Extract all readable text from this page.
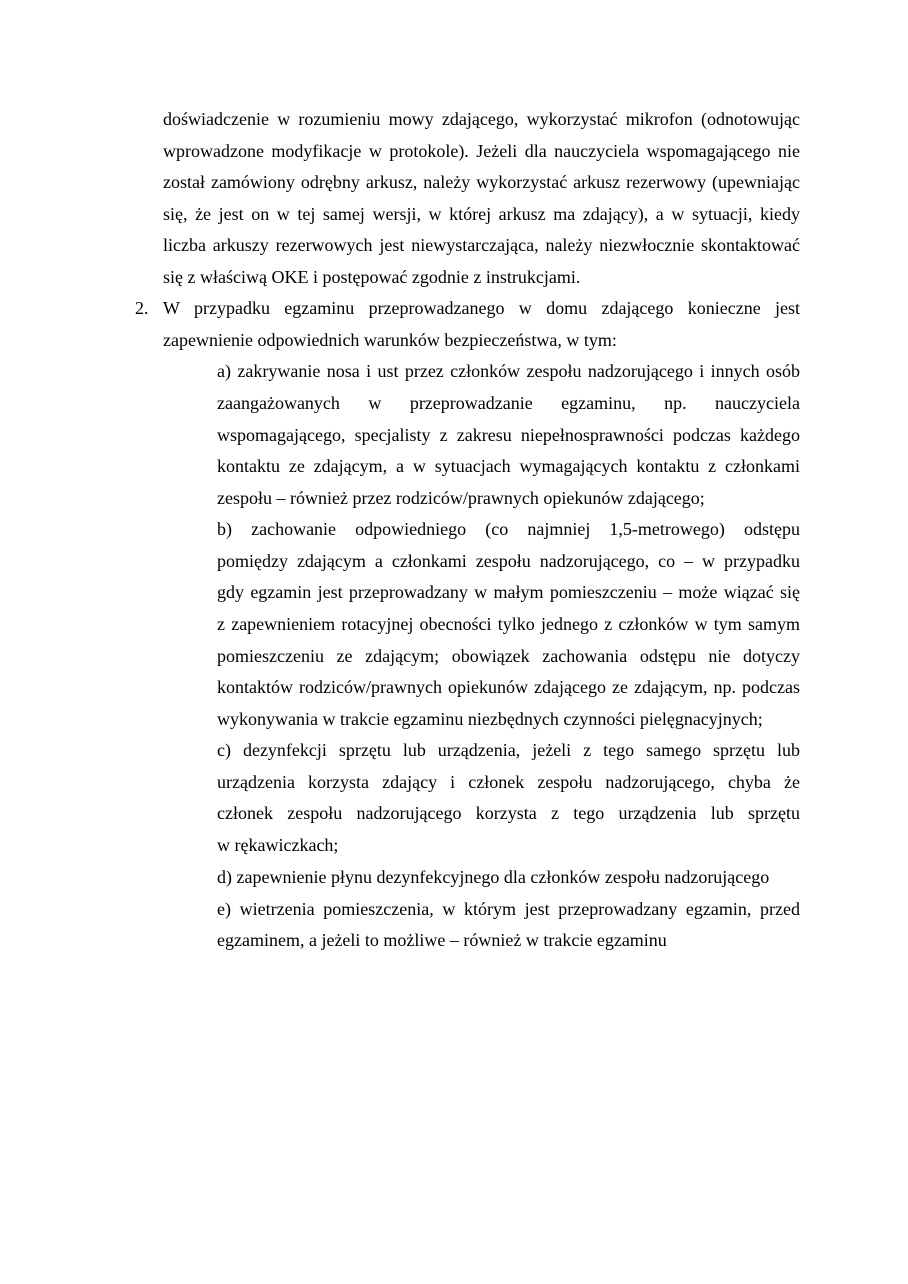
doświadczenie w rozumieniu mowy zdającego, wykorzystać mikrofon (odnotowując
wprowadzone modyfikacje w protokole). Jeżeli dla nauczyciela wspomagającego nie
został zamówiony odrębny arkusz, należy wykorzystać arkusz rezerwowy (upewniając
się, że jest on w tej samej wersji, w której arkusz ma zdający), a w sytuacji, kiedy
liczba arkuszy rezerwowych jest niewystarczająca, należy niezwłocznie skontaktować
się z właściwą OKE i postępować zgodnie z instrukcjami.
2. W przypadku egzaminu przeprowadzanego w domu zdającego konieczne jest
zapewnienie odpowiednich warunków bezpieczeństwa, w tym:
a) zakrywanie nosa i ust przez członków zespołu nadzorującego i innych osób
zaangażowanych w przeprowadzanie egzaminu, np. nauczyciela
wspomagającego, specjalisty z zakresu niepełnosprawności podczas każdego
kontaktu ze zdającym, a w sytuacjach wymagających kontaktu z członkami
zespołu – również przez rodziców/prawnych opiekunów zdającego;
b) zachowanie odpowiedniego (co najmniej 1,5-metrowego) odstępu
pomiędzy zdającym a członkami zespołu nadzorującego, co – w przypadku
gdy egzamin jest przeprowadzany w małym pomieszczeniu – może wiązać się
z zapewnieniem rotacyjnej obecności tylko jednego z członków w tym samym
pomieszczeniu ze zdającym; obowiązek zachowania odstępu nie dotyczy
kontaktów rodziców/prawnych opiekunów zdającego ze zdającym, np. podczas
wykonywania w trakcie egzaminu niezbędnych czynności pielęgnacyjnych;
c) dezynfekcji sprzętu lub urządzenia, jeżeli z tego samego sprzętu lub
urządzenia korzysta zdający i członek zespołu nadzorującego, chyba że
członek zespołu nadzorującego korzysta z tego urządzenia lub sprzętu
w rękawiczkach;
d) zapewnienie płynu dezynfekcyjnego dla członków zespołu nadzorującego
e) wietrzenia pomieszczenia, w którym jest przeprowadzany egzamin, przed
egzaminem, a jeżeli to możliwe – również w trakcie egzaminu
